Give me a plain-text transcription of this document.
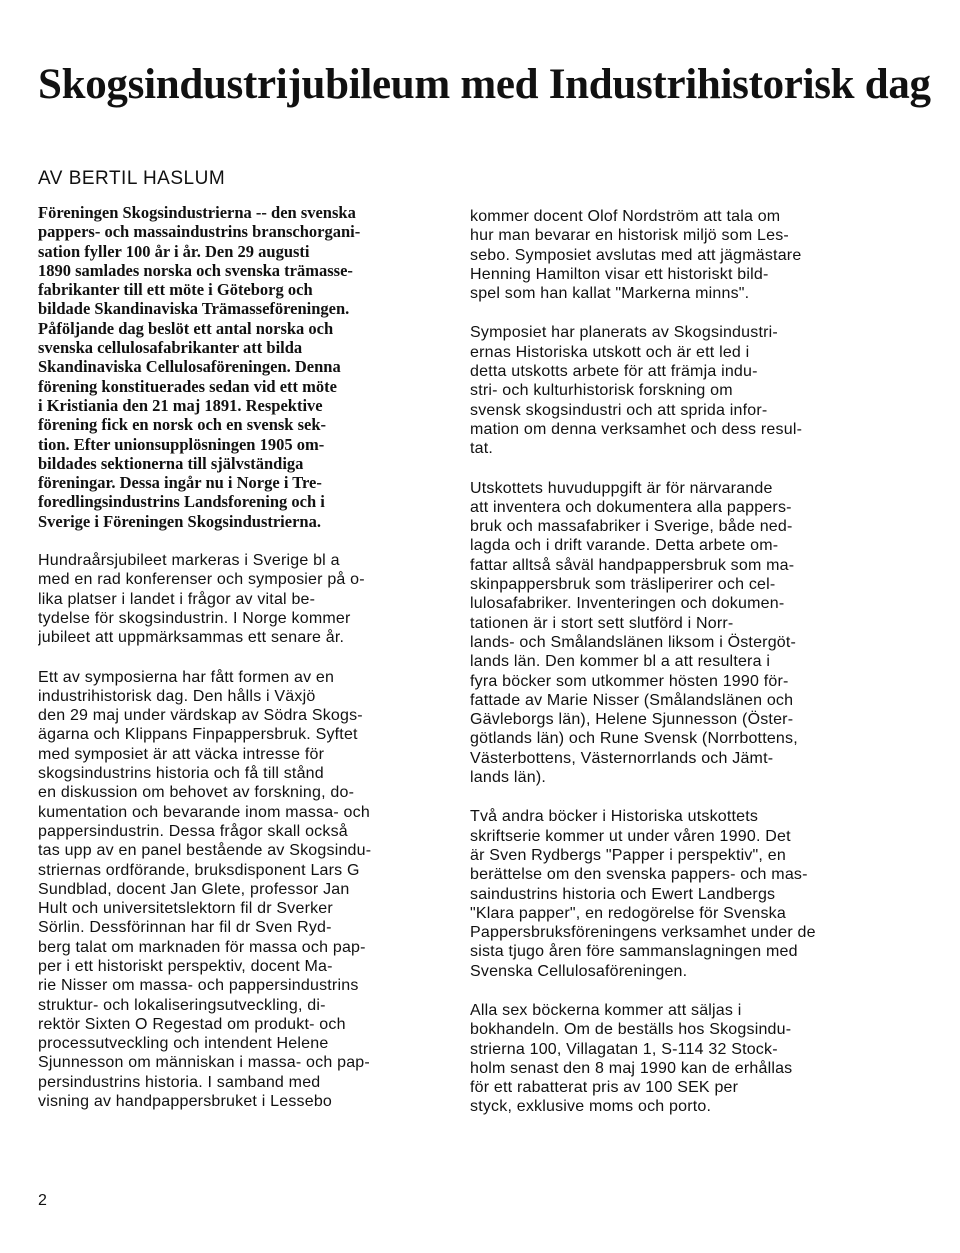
Skogsindustrijubileum med Industrihistorisk dag
AV BERTIL HASLUM
Föreningen Skogsindustrierna -- den svenska
pappers- och massaindustrins branschorgani-
sation fyller 100 år i år. Den 29 augusti
1890 samlades norska och svenska trämasse-
fabrikanter till ett möte i Göteborg och
bildade Skandinaviska Trämasseföreningen.
Påföljande dag beslöt ett antal norska och
svenska cellulosafabrikanter att bilda
Skandinaviska Cellulosaföreningen. Denna
förening konstituerades sedan vid ett möte
i Kristiania den 21 maj 1891. Respektive
förening fick en norsk och en svensk sek-
tion. Efter unionsupplösningen 1905 om-
bildades sektionerna till självständiga
föreningar. Dessa ingår nu i Norge i Tre-
foredlingsindustrins Landsforening och i
Sverige i Föreningen Skogsindustrierna.
Hundraårsjubileet markeras i Sverige bl a
med en rad konferenser och symposier på o-
lika platser i landet i frågor av vital be-
tydelse för skogsindustrin. I Norge kommer
jubileet att uppmärksammas ett senare år.
Ett av symposierna har fått formen av en
industrihistorisk dag. Den hålls i Växjö
den 29 maj under värdskap av Södra Skogs-
ägarna och Klippans Finpappersbruk. Syftet
med symposiet är att väcka intresse för
skogsindustrins historia och få till stånd
en diskussion om behovet av forskning, do-
kumentation och bevarande inom massa- och
pappersindustrin. Dessa frågor skall också
tas upp av en panel bestående av Skogsindu-
striernas ordförande, bruksdisponent Lars G
Sundblad, docent Jan Glete, professor Jan
Hult och universitetslektorn fil dr Sverker
Sörlin. Dessförinnan har fil dr Sven Ryd-
berg talat om marknaden för massa och pap-
per i ett historiskt perspektiv, docent Ma-
rie Nisser om massa- och pappersindustrins
struktur- och lokaliseringsutveckling, di-
rektör Sixten O Regestad om produkt- och
processutveckling och intendent Helene
Sjunnesson om människan i massa- och pap-
persindustrins historia. I samband med
visning av handpappersbruket i Lessebo
kommer docent Olof Nordström att tala om
hur man bevarar en historisk miljö som Les-
sebo. Symposiet avslutas med att jägmästare
Henning Hamilton visar ett historiskt bild-
spel som han kallat "Markerna minns".
Symposiet har planerats av Skogsindustri-
ernas Historiska utskott och är ett led i
detta utskotts arbete för att främja indu-
stri- och kulturhistorisk forskning om
svensk skogsindustri och att sprida infor-
mation om denna verksamhet och dess resul-
tat.
Utskottets huvuduppgift är för närvarande
att inventera och dokumentera alla pappers-
bruk och massafabriker i Sverige, både ned-
lagda och i drift varande. Detta arbete om-
fattar alltså såväl handpappersbruk som ma-
skinpappersbruk som träsliperirer och cel-
lulosafabriker. Inventeringen och dokumen-
tationen är i stort sett slutförd i Norr-
lands- och Smålandslänen liksom i Östergöt-
lands län. Den kommer bl a att resultera i
fyra böcker som utkommer hösten 1990 för-
fattade av Marie Nisser (Smålandslänen och
Gävleborgs län), Helene Sjunnesson (Öster-
götlands län) och Rune Svensk (Norrbottens,
Västerbottens, Västernorrlands och Jämt-
lands län).
Två andra böcker i Historiska utskottets
skriftserie kommer ut under våren 1990. Det
är Sven Rydbergs "Papper i perspektiv", en
berättelse om den svenska pappers- och mas-
saindustrins historia och Ewert Landbergs
"Klara papper", en redogörelse för Svenska
Pappersbruksföreningens verksamhet under de
sista tjugo åren före sammanslagningen med
Svenska Cellulosaföreningen.
Alla sex böckerna kommer att säljas i
bokhandeln. Om de beställs hos Skogsindu-
strierna 100, Villagatan 1, S-114 32 Stock-
holm senast den 8 maj 1990 kan de erhållas
för ett rabatterat pris av 100 SEK per
styck, exklusive moms och porto.
2
